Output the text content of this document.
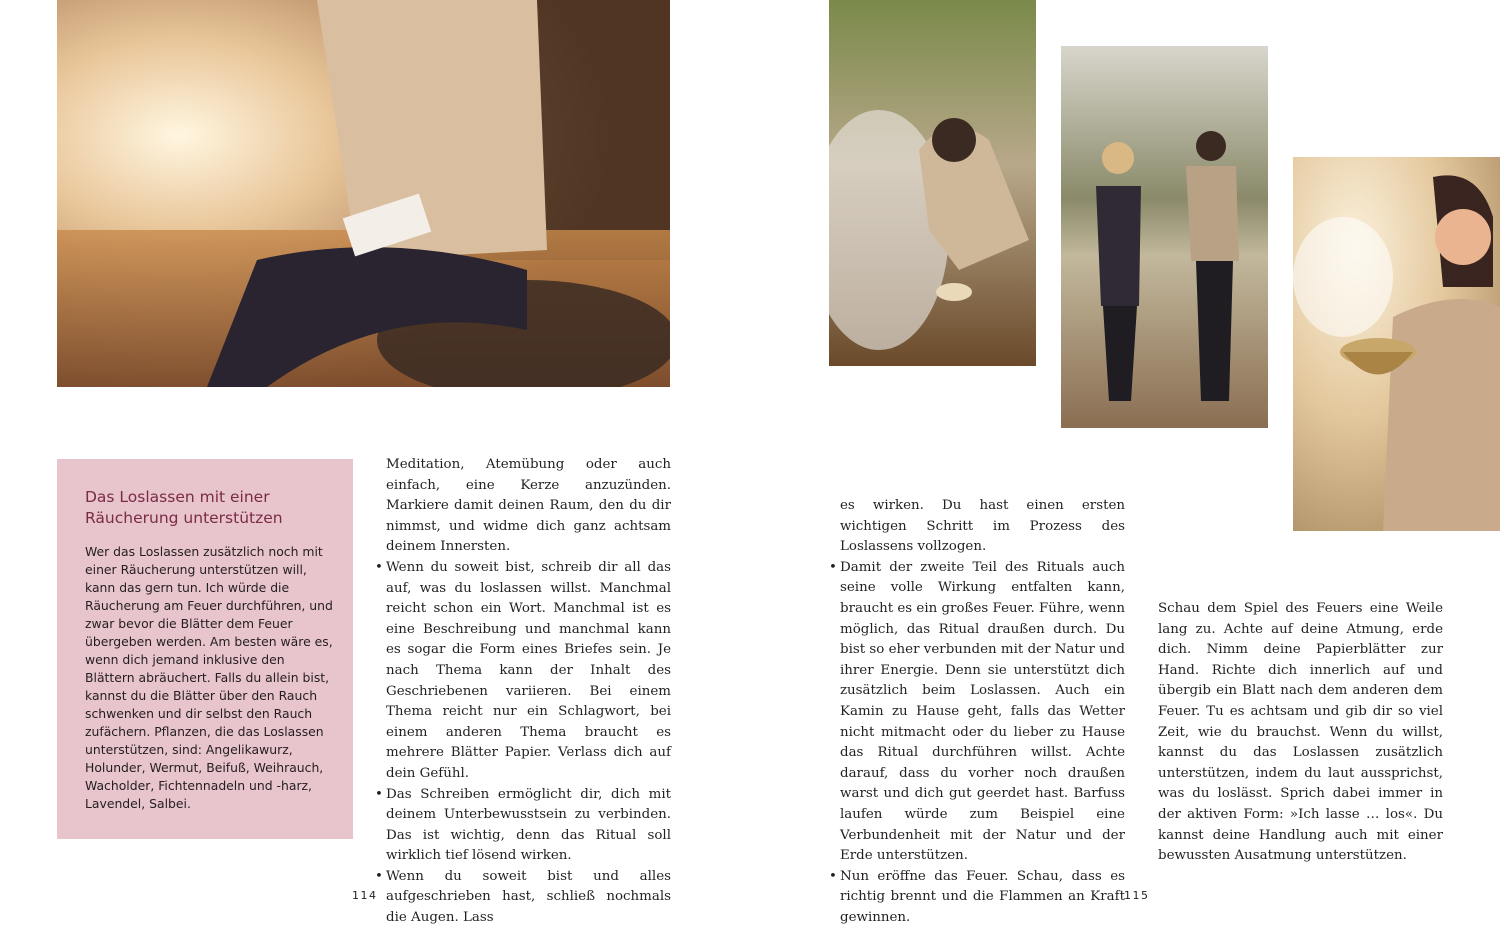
Das Loslassen mit einer Räucherung unterstützen

Wer das Loslassen zusätzlich noch mit einer Räucherung unterstützen will, kann das gern tun. Ich würde die Räucherung am Feuer durchführen, und zwar bevor die Blätter dem Feuer übergeben werden. Am besten wäre es, wenn dich jemand inklusive den Blättern abräuchert. Falls du allein bist, kannst du die Blätter über den Rauch schwenken und dir selbst den Rauch zufächern. Pflanzen, die das Loslassen unterstützen, sind: Angelikawurz, Holunder, Wermut, Beifuß, Weihrauch, Wacholder, Fichtennadeln und -harz, Lavendel, Salbei.

Meditation, Atemübung oder auch einfach, eine Kerze anzuzünden. Markiere damit deinen Raum, den du dir nimmst, und widme dich ganz achtsam deinem Innersten.

• Wenn du soweit bist, schreib dir all das auf, was du loslassen willst. Manchmal reicht schon ein Wort. Manchmal ist es eine Beschreibung und manchmal kann es sogar die Form eines Briefes sein. Je nach Thema kann der Inhalt des Geschriebenen variieren. Bei einem Thema reicht nur ein Schlagwort, bei einem anderen Thema braucht es mehrere Blätter Papier. Verlass dich auf dein Gefühl.
• Das Schreiben ermöglicht dir, dich mit deinem Unterbewusstsein zu verbinden. Das ist wichtig, denn das Ritual soll wirklich tief lösend wirken.
• Wenn du soweit bist und alles aufgeschrieben hast, schließ nochmals die Augen. Lass

es wirken. Du hast einen ersten wichtigen Schritt im Prozess des Loslassens vollzogen.

• Damit der zweite Teil des Rituals auch seine volle Wirkung entfalten kann, braucht es ein großes Feuer. Führe, wenn möglich, das Ritual draußen durch. Du bist so eher verbunden mit der Natur und ihrer Energie. Denn sie unterstützt dich zusätzlich beim Loslassen. Auch ein Kamin zu Hause geht, falls das Wetter nicht mitmacht oder du lieber zu Hause das Ritual durchführen willst. Achte darauf, dass du vorher noch draußen warst und dich gut geerdet hast. Barfuss laufen würde zum Beispiel eine Verbundenheit mit der Natur und der Erde unterstützen.
• Nun eröffne das Feuer. Schau, dass es richtig brennt und die Flammen an Kraft gewinnen.

Schau dem Spiel des Feuers eine Weile lang zu. Achte auf deine Atmung, erde dich. Nimm deine Papierblätter zur Hand. Richte dich innerlich auf und übergib ein Blatt nach dem anderen dem Feuer. Tu es achtsam und gib dir so viel Zeit, wie du brauchst. Wenn du willst, kannst du das Loslassen zusätzlich unterstützen, indem du laut aussprichst, was du loslässt. Sprich dabei immer in der aktiven Form: »Ich lasse … los«. Du kannst deine Handlung auch mit einer bewussten Ausatmung unterstützen.

114	115
